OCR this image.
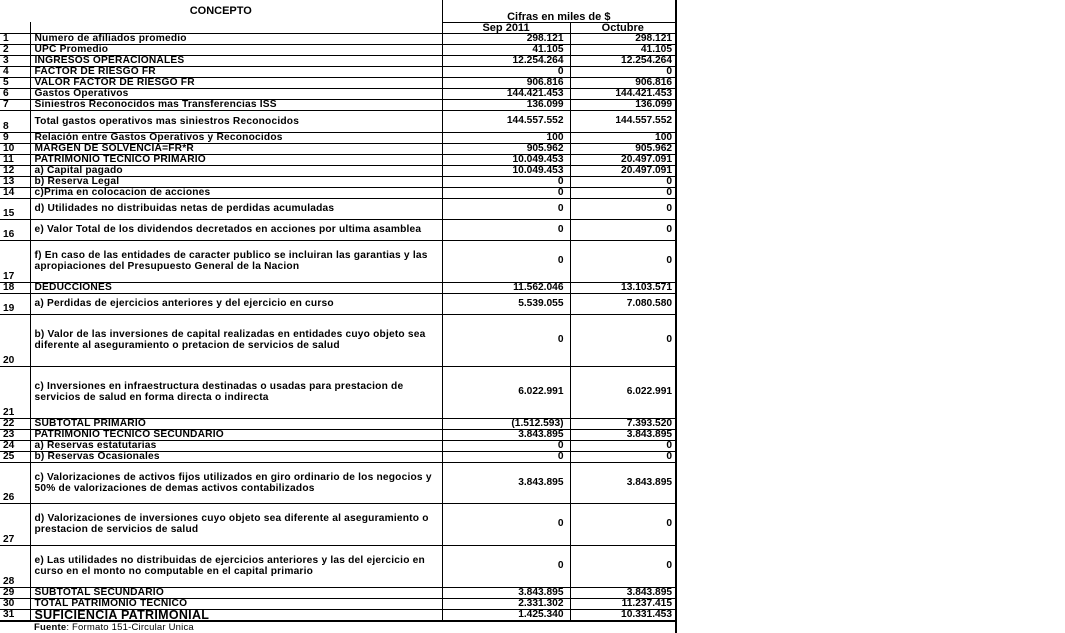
CONCEPTO		Cifras en miles de $	
		Sep 2011	Octubre
1	Numero de afiliados promedio	298.121	298.121
2	UPC Promedio	41.105	41.105
3	INGRESOS OPERACIONALES	12.254.264	12.254.264
4	FACTOR DE RIESGO FR	0	0
5	VALOR FACTOR DE RIESGO FR	906.816	906.816
6	Gastos Operativos	144.421.453	144.421.453
7	Siniestros Reconocidos mas Transferencias ISS	136.099	136.099
8	Total gastos operativos mas siniestros Reconocidos	144.557.552	144.557.552
9	Relación entre Gastos Operativos y Reconocidos	100	100
10	MARGEN DE SOLVENCIA=FR*R	905.962	905.962
11	PATRIMONIO TECNICO PRIMARIO	10.049.453	20.497.091
12	a) Capital pagado	10.049.453	20.497.091
13	b) Reserva Legal	0	0
14	c)Prima en colocacion de acciones	0	0
15	d) Utilidades no distribuidas netas de perdidas acumuladas	0	0
16	e) Valor Total de los dividendos decretados en acciones por ultima asamblea	0	0
17	f) En caso de las entidades de caracter publico se incluiran las garantias y las apropiaciones del Presupuesto General de la Nacion	0	0
18	DEDUCCIONES	11.562.046	13.103.571
19	a) Perdidas de ejercicios anteriores y del ejercicio en curso	5.539.055	7.080.580
20	b) Valor de las inversiones de capital realizadas en entidades cuyo objeto sea diferente al aseguramiento o pretacion de servicios de salud	0	0
21	c) Inversiones en infraestructura destinadas o usadas para prestacion de servicios de salud en forma directa o indirecta	6.022.991	6.022.991
22	SUBTOTAL PRIMARIO	(1.512.593)	7.393.520
23	PATRIMONIO TECNICO SECUNDARIO	3.843.895	3.843.895
24	a) Reservas estatutarias	0	0
25	b) Reservas Ocasionales	0	0
26	c) Valorizaciones de activos fijos utilizados en giro ordinario de los negocios y 50% de valorizaciones de demas activos contabilizados	3.843.895	3.843.895
27	d) Valorizaciones de inversiones cuyo objeto sea diferente al aseguramiento o prestacion de servicios de salud	0	0
28	e) Las utilidades no distribuidas de ejercicios anteriores y las del ejercicio en curso en el monto no computable en el capital primario	0	0
29	SUBTOTAL SECUNDARIO	3.843.895	3.843.895
30	TOTAL PATRIMONIO TECNICO	2.331.302	11.237.415
31	SUFICIENCIA PATRIMONIAL	1.425.340	10.331.453
	Fuente: Formato 151-Circular Unica		
